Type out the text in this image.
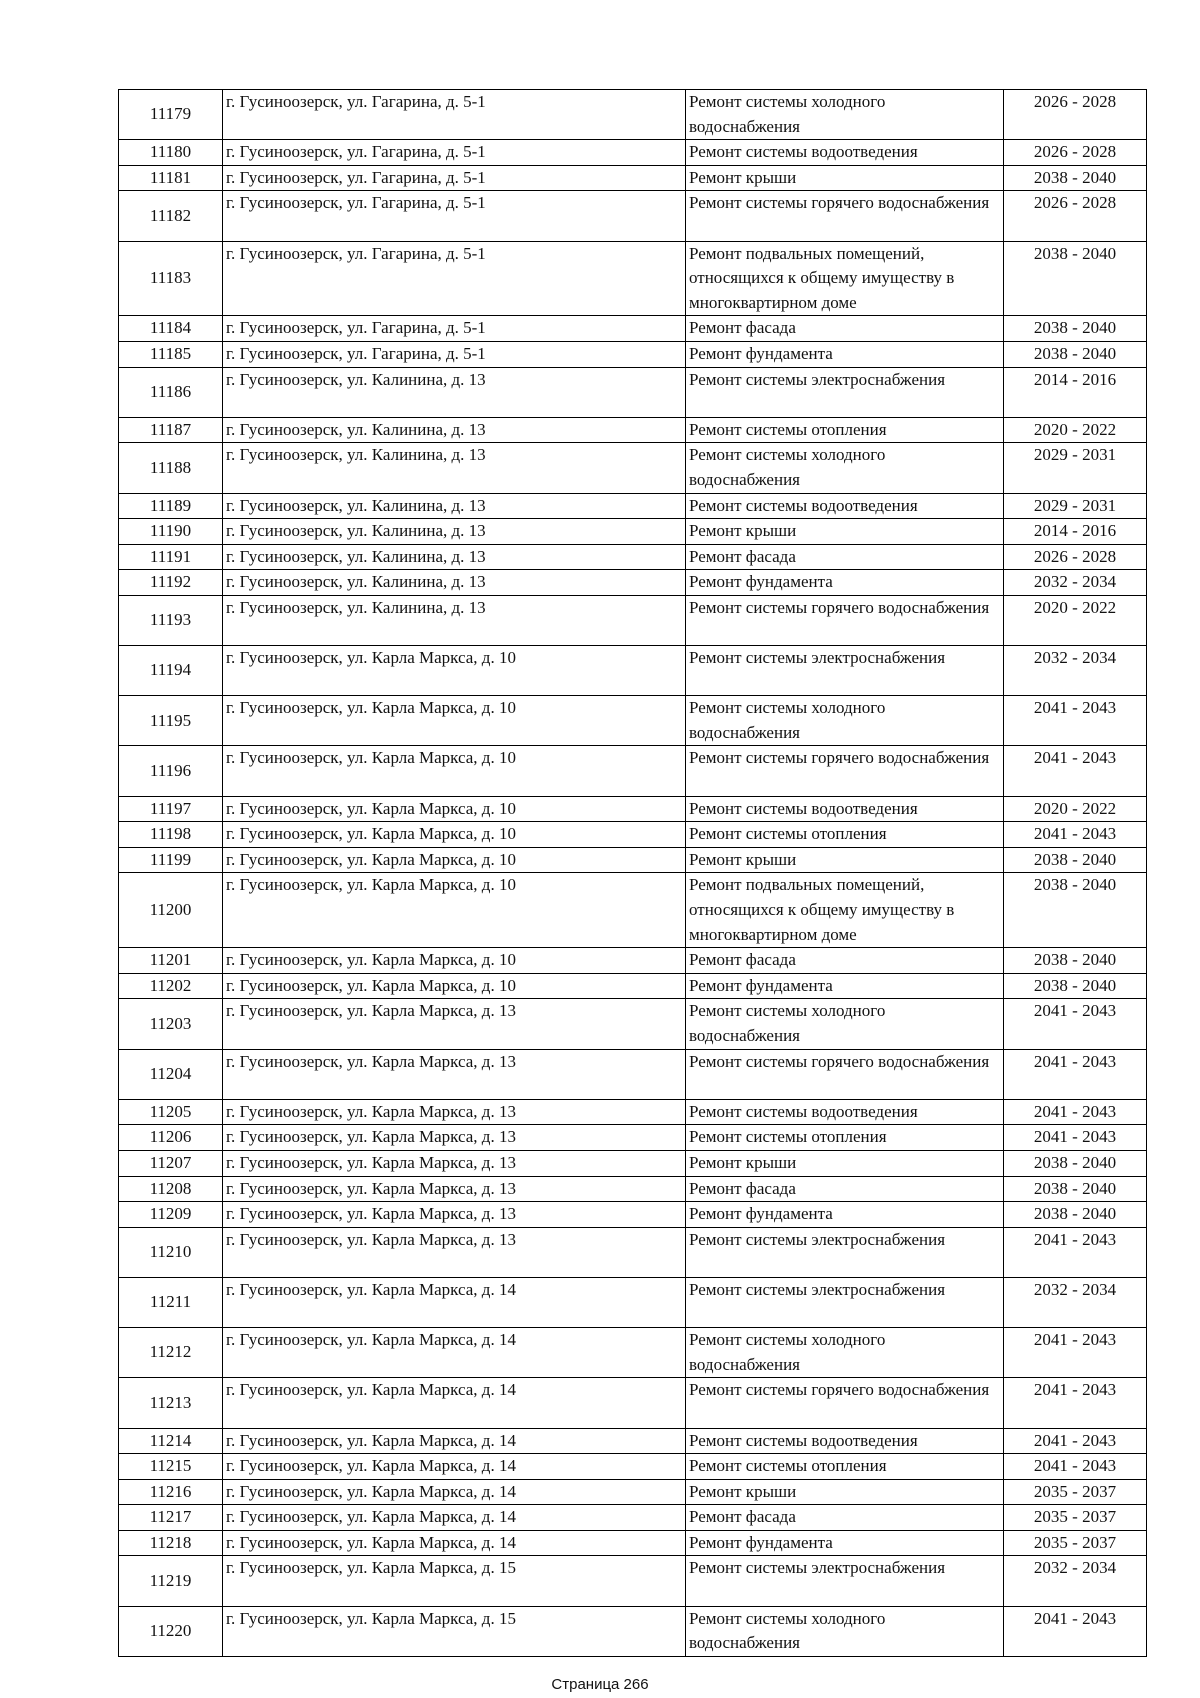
11179	г. Гусиноозерск, ул. Гагарина, д. 5-1	Ремонт системы холодного водоснабжения	2026 - 2028
11180	г. Гусиноозерск, ул. Гагарина, д. 5-1	Ремонт системы водоотведения	2026 - 2028
11181	г. Гусиноозерск, ул. Гагарина, д. 5-1	Ремонт крыши	2038 - 2040
11182	г. Гусиноозерск, ул. Гагарина, д. 5-1	Ремонт системы горячего водоснабжения	2026 - 2028
11183	г. Гусиноозерск, ул. Гагарина, д. 5-1	Ремонт подвальных помещений, относящихся к общему имуществу в многоквартирном доме	2038 - 2040
11184	г. Гусиноозерск, ул. Гагарина, д. 5-1	Ремонт фасада	2038 - 2040
11185	г. Гусиноозерск, ул. Гагарина, д. 5-1	Ремонт фундамента	2038 - 2040
11186	г. Гусиноозерск, ул. Калинина, д. 13	Ремонт системы электроснабжения	2014 - 2016
11187	г. Гусиноозерск, ул. Калинина, д. 13	Ремонт системы отопления	2020 - 2022
11188	г. Гусиноозерск, ул. Калинина, д. 13	Ремонт системы холодного водоснабжения	2029 - 2031
11189	г. Гусиноозерск, ул. Калинина, д. 13	Ремонт системы водоотведения	2029 - 2031
11190	г. Гусиноозерск, ул. Калинина, д. 13	Ремонт крыши	2014 - 2016
11191	г. Гусиноозерск, ул. Калинина, д. 13	Ремонт фасада	2026 - 2028
11192	г. Гусиноозерск, ул. Калинина, д. 13	Ремонт фундамента	2032 - 2034
11193	г. Гусиноозерск, ул. Калинина, д. 13	Ремонт системы горячего водоснабжения	2020 - 2022
11194	г. Гусиноозерск, ул. Карла Маркса, д. 10	Ремонт системы электроснабжения	2032 - 2034
11195	г. Гусиноозерск, ул. Карла Маркса, д. 10	Ремонт системы холодного водоснабжения	2041 - 2043
11196	г. Гусиноозерск, ул. Карла Маркса, д. 10	Ремонт системы горячего водоснабжения	2041 - 2043
11197	г. Гусиноозерск, ул. Карла Маркса, д. 10	Ремонт системы водоотведения	2020 - 2022
11198	г. Гусиноозерск, ул. Карла Маркса, д. 10	Ремонт системы отопления	2041 - 2043
11199	г. Гусиноозерск, ул. Карла Маркса, д. 10	Ремонт крыши	2038 - 2040
11200	г. Гусиноозерск, ул. Карла Маркса, д. 10	Ремонт подвальных помещений, относящихся к общему имуществу в многоквартирном доме	2038 - 2040
11201	г. Гусиноозерск, ул. Карла Маркса, д. 10	Ремонт фасада	2038 - 2040
11202	г. Гусиноозерск, ул. Карла Маркса, д. 10	Ремонт фундамента	2038 - 2040
11203	г. Гусиноозерск, ул. Карла Маркса, д. 13	Ремонт системы холодного водоснабжения	2041 - 2043
11204	г. Гусиноозерск, ул. Карла Маркса, д. 13	Ремонт системы горячего водоснабжения	2041 - 2043
11205	г. Гусиноозерск, ул. Карла Маркса, д. 13	Ремонт системы водоотведения	2041 - 2043
11206	г. Гусиноозерск, ул. Карла Маркса, д. 13	Ремонт системы отопления	2041 - 2043
11207	г. Гусиноозерск, ул. Карла Маркса, д. 13	Ремонт крыши	2038 - 2040
11208	г. Гусиноозерск, ул. Карла Маркса, д. 13	Ремонт фасада	2038 - 2040
11209	г. Гусиноозерск, ул. Карла Маркса, д. 13	Ремонт фундамента	2038 - 2040
11210	г. Гусиноозерск, ул. Карла Маркса, д. 13	Ремонт системы электроснабжения	2041 - 2043
11211	г. Гусиноозерск, ул. Карла Маркса, д. 14	Ремонт системы электроснабжения	2032 - 2034
11212	г. Гусиноозерск, ул. Карла Маркса, д. 14	Ремонт системы холодного водоснабжения	2041 - 2043
11213	г. Гусиноозерск, ул. Карла Маркса, д. 14	Ремонт системы горячего водоснабжения	2041 - 2043
11214	г. Гусиноозерск, ул. Карла Маркса, д. 14	Ремонт системы водоотведения	2041 - 2043
11215	г. Гусиноозерск, ул. Карла Маркса, д. 14	Ремонт системы отопления	2041 - 2043
11216	г. Гусиноозерск, ул. Карла Маркса, д. 14	Ремонт крыши	2035 - 2037
11217	г. Гусиноозерск, ул. Карла Маркса, д. 14	Ремонт фасада	2035 - 2037
11218	г. Гусиноозерск, ул. Карла Маркса, д. 14	Ремонт фундамента	2035 - 2037
11219	г. Гусиноозерск, ул. Карла Маркса, д. 15	Ремонт системы электроснабжения	2032 - 2034
11220	г. Гусиноозерск, ул. Карла Маркса, д. 15	Ремонт системы холодного водоснабжения	2041 - 2043
Страница 266
